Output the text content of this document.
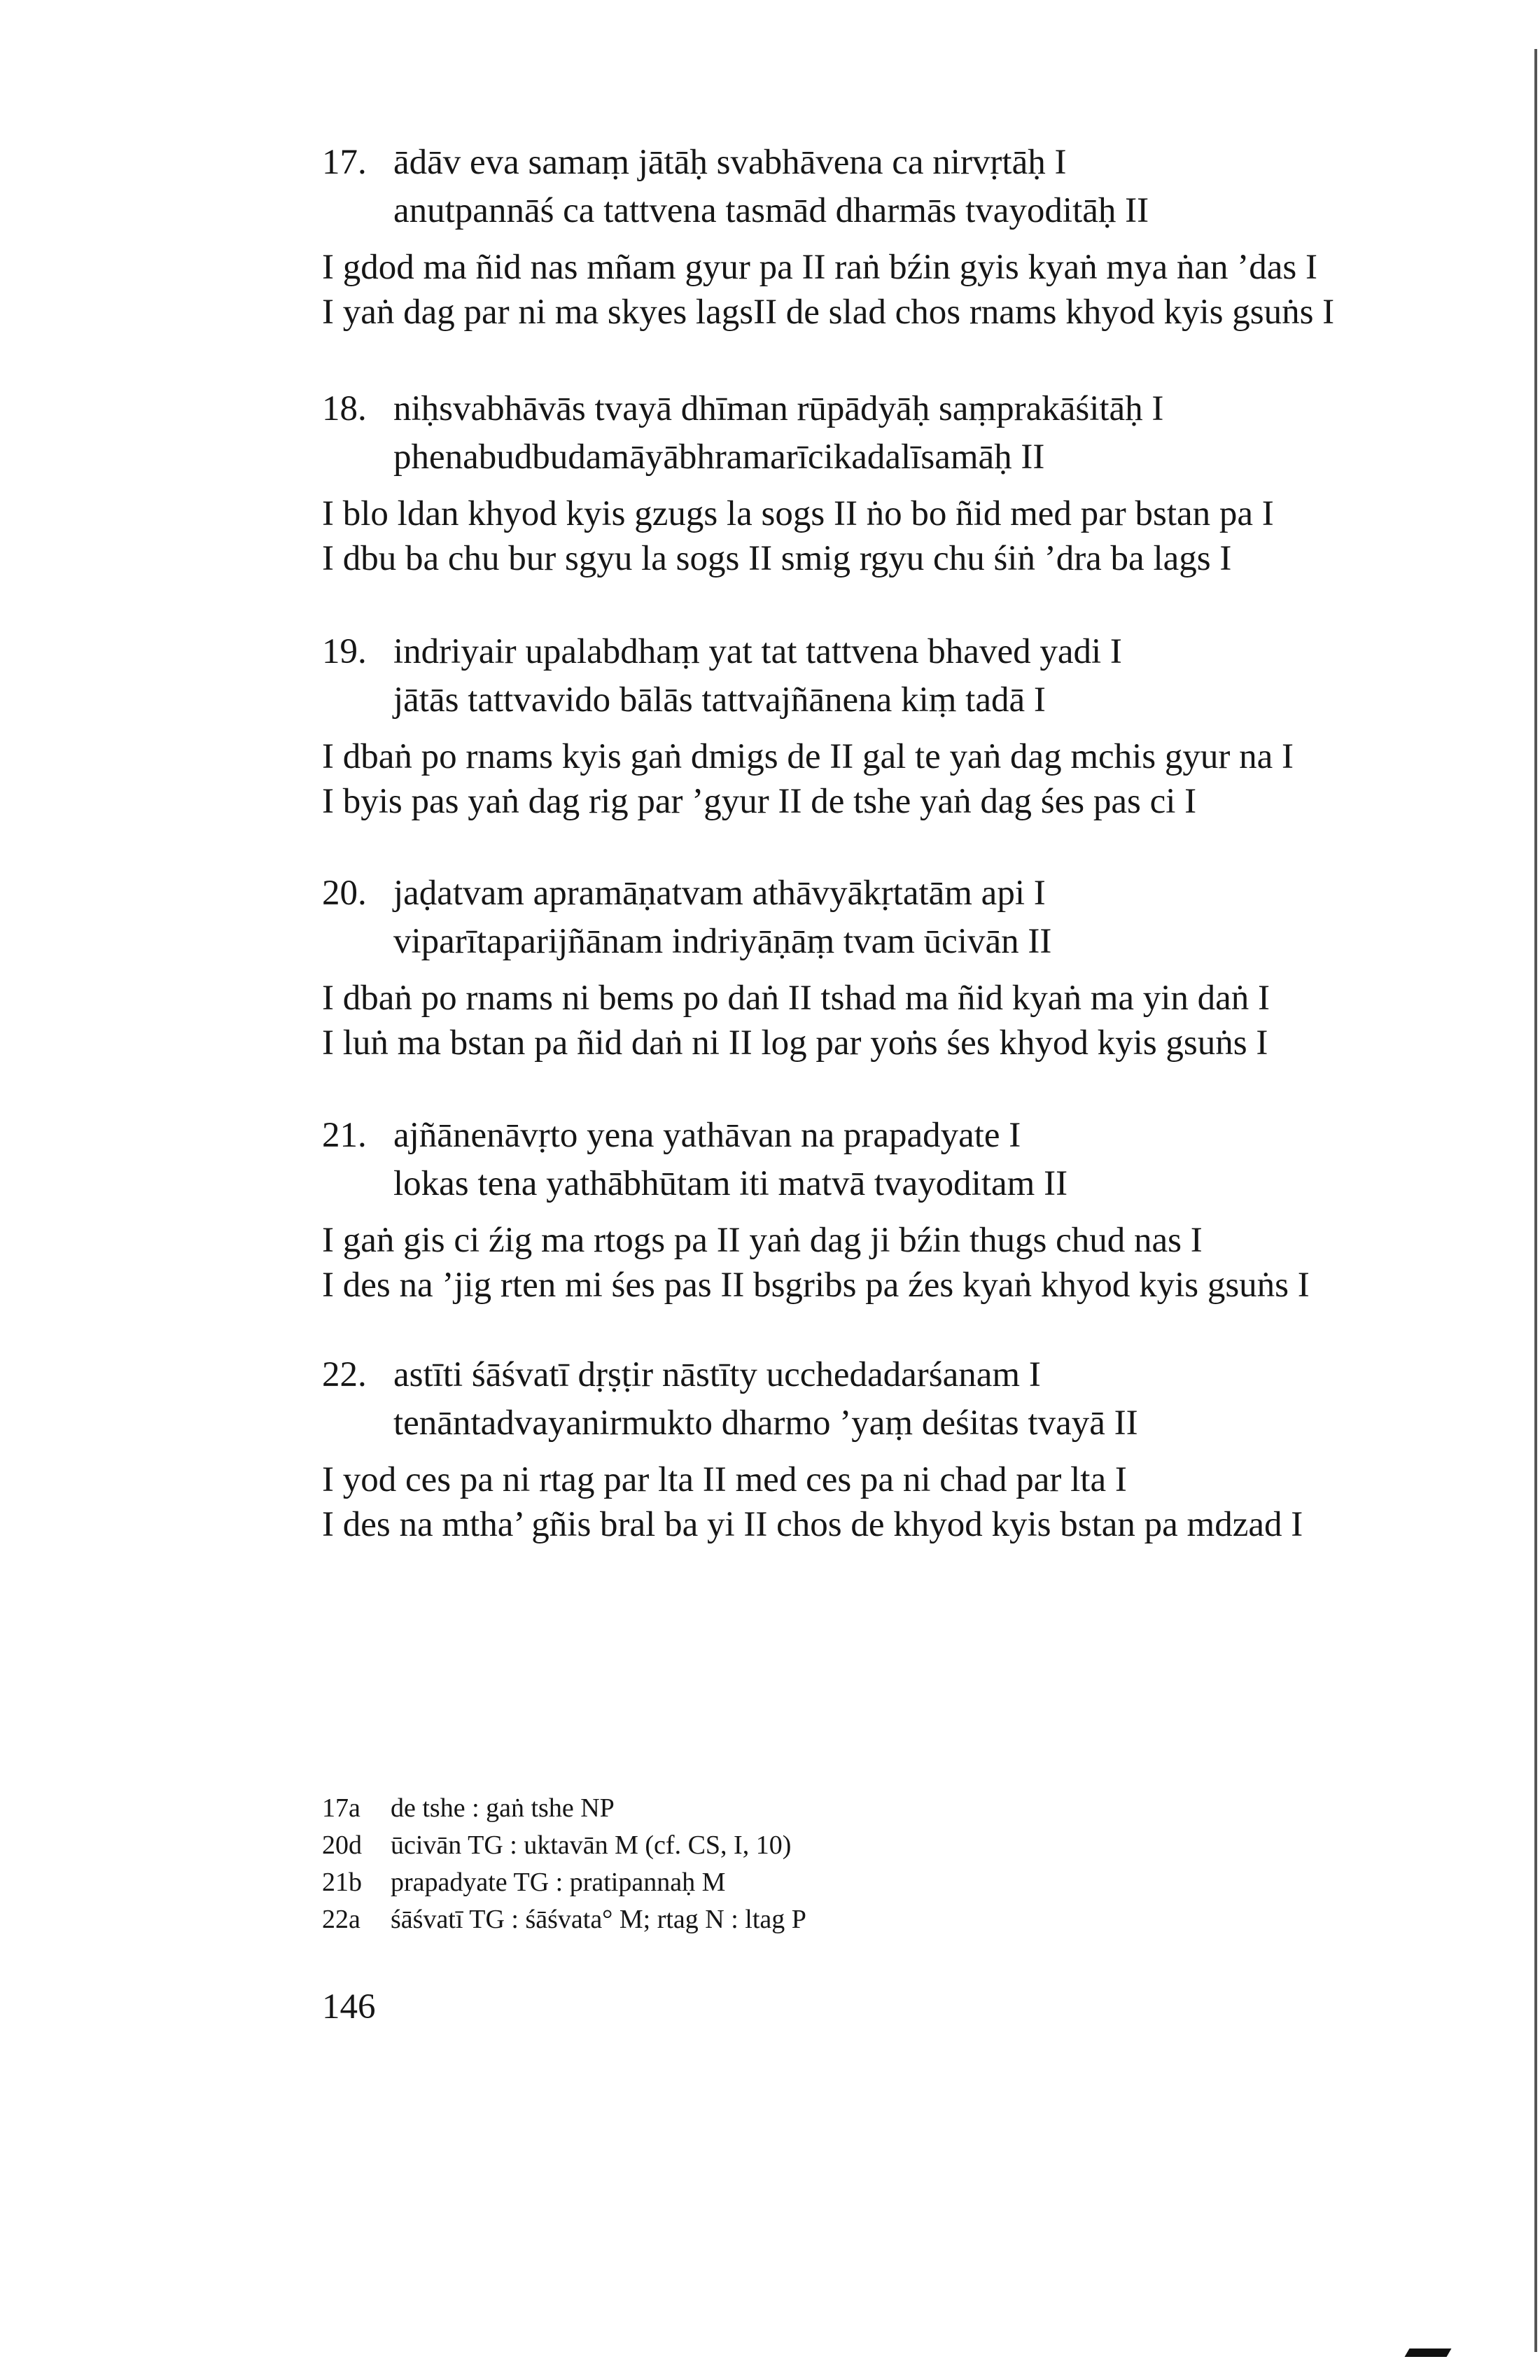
17. ādāv eva samaṃ jātāḥ svabhāvena ca nirvṛtāḥ I
anutpannāś ca tattvena tasmād dharmās tvayoditāḥ II
I gdod ma ñid nas mñam gyur pa II raṅ bźin gyis kyaṅ mya ṅan ’das I
I yaṅ dag par ni ma skyes lagsII de slad chos rnams khyod kyis gsuṅs I
18. niḥsvabhāvās tvayā dhīman rūpādyāḥ saṃprakāśitāḥ I
phenabudbudamāyābhramarīcikadalīsamāḥ II
I blo ldan khyod kyis gzugs la sogs II ṅo bo ñid med par bstan pa I
I dbu ba chu bur sgyu la sogs II smig rgyu chu śiṅ ’dra ba lags I
19. indriyair upalabdhaṃ yat tat tattvena bhaved yadi I
jātās tattvavido bālās tattvajñānena kiṃ tadā I
I dbaṅ po rnams kyis gaṅ dmigs de II gal te yaṅ dag mchis gyur na I
I byis pas yaṅ dag rig par ’gyur II de tshe yaṅ dag śes pas ci I
20. jaḍatvam apramāṇatvam athāvyākṛtatām api I
viparītaparijñānam indriyāṇāṃ tvam ūcivān II
I dbaṅ po rnams ni bems po daṅ II tshad ma ñid kyaṅ ma yin daṅ I
I luṅ ma bstan pa ñid daṅ ni II log par yoṅs śes khyod kyis gsuṅs I
21. ajñānenāvṛto yena yathāvan na prapadyate I
lokas tena yathābhūtam iti matvā tvayoditam II
I gaṅ gis ci źig ma rtogs pa II yaṅ dag ji bźin thugs chud nas I
I des na ’jig rten mi śes pas II bsgribs pa źes kyaṅ khyod kyis gsuṅs I
22. astīti śāśvatī dṛṣṭir nāstīty ucchedadarśanam I
tenāntadvayanirmukto dharmo ’yaṃ deśitas tvayā II
I yod ces pa ni rtag par lta II med ces pa ni chad par lta I
I des na mtha’ gñis bral ba yi II chos de khyod kyis bstan pa mdzad I
17a de tshe : gaṅ tshe NP
20d ūcivān TG : uktavān M (cf. CS, I, 10)
21b prapadyate TG : pratipannaḥ M
22a śāśvatī TG : śāśvata° M; rtag N : ltag P
146
